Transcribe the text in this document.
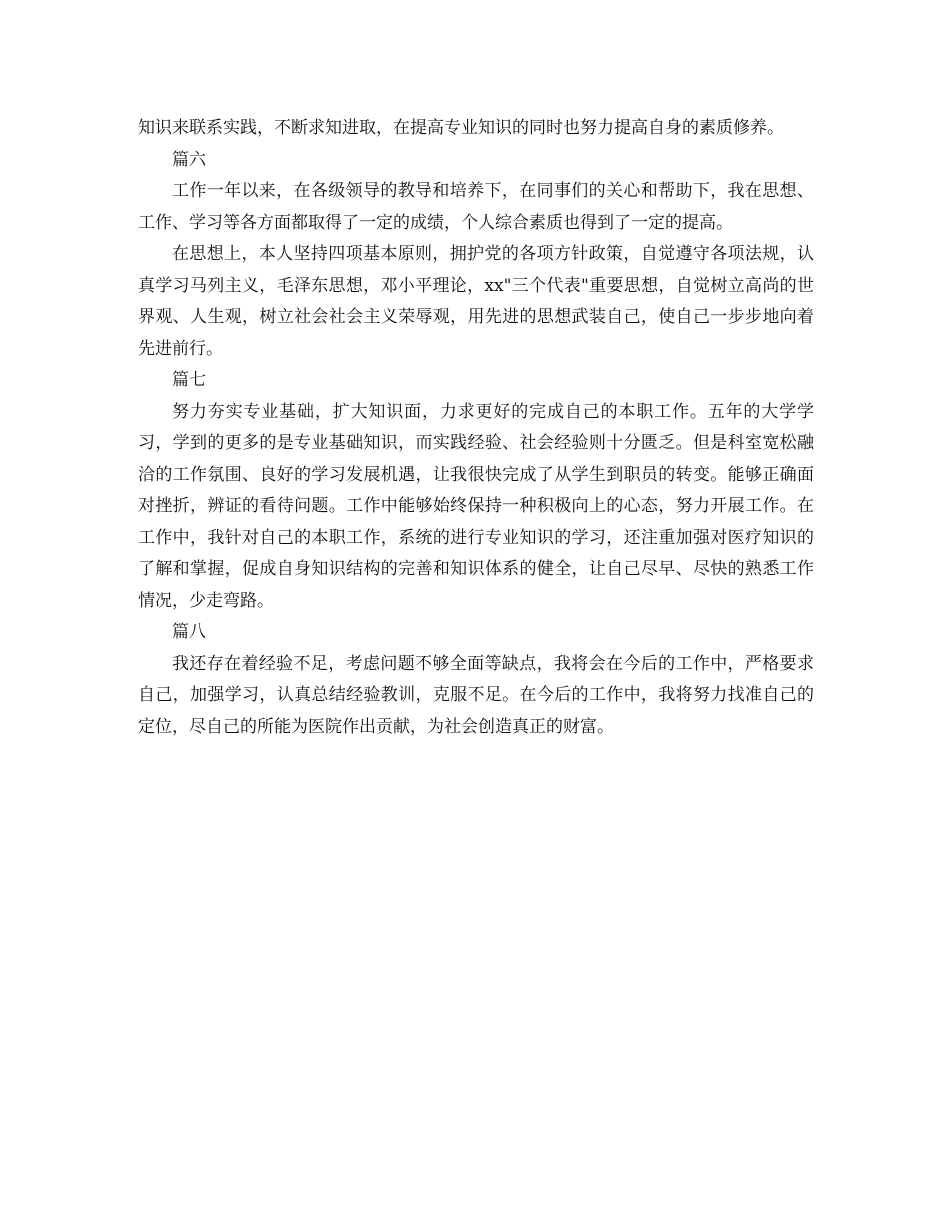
知识来联系实践，不断求知进取，在提高专业知识的同时也努力提高自身的素质修养。

篇六

工作一年以来，在各级领导的教导和培养下，在同事们的关心和帮助下，我在思想、工作、学习等各方面都取得了一定的成绩，个人综合素质也得到了一定的提高。

在思想上，本人坚持四项基本原则，拥护党的各项方针政策，自觉遵守各项法规，认真学习马列主义，毛泽东思想，邓小平理论，xx"三个代表"重要思想，自觉树立高尚的世界观、人生观，树立社会社会主义荣辱观，用先进的思想武装自己，使自己一步步地向着先进前行。

篇七

努力夯实专业基础，扩大知识面，力求更好的完成自己的本职工作。五年的大学学习，学到的更多的是专业基础知识，而实践经验、社会经验则十分匮乏。但是科室宽松融洽的工作氛围、良好的学习发展机遇，让我很快完成了从学生到职员的转变。能够正确面对挫折，辨证的看待问题。工作中能够始终保持一种积极向上的心态，努力开展工作。在工作中，我针对自己的本职工作，系统的进行专业知识的学习，还注重加强对医疗知识的了解和掌握，促成自身知识结构的完善和知识体系的健全，让自己尽早、尽快的熟悉工作情况，少走弯路。

篇八

我还存在着经验不足，考虑问题不够全面等缺点，我将会在今后的工作中，严格要求自己，加强学习，认真总结经验教训，克服不足。在今后的工作中，我将努力找准自己的定位，尽自己的所能为医院作出贡献，为社会创造真正的财富。
